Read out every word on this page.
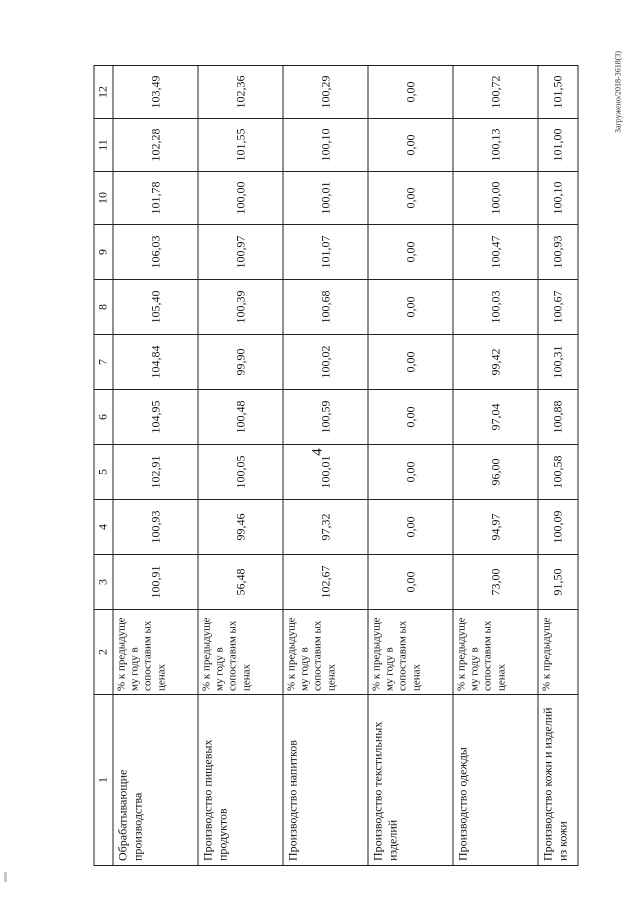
4
Загружено/2018-3618(3)
1	2	3	4	5	6	7	8	9	10	11	12
Обрабатывающие производства	% к предыдуще му году в сопоставим ых ценах	100,91	100,93	102,91	104,95	104,84	105,40	106,03	101,78	102,28	103,49
Производство пищевых продуктов	% к предыдуще му году в сопоставим ых ценах	56,48	99,46	100,05	100,48	99,90	100,39	100,97	100,00	101,55	102,36
Производство напитков	% к предыдуще му году в сопоставим ых ценах	102,67	97,32	100,01	100,59	100,02	100,68	101,07	100,01	100,10	100,29
Производство текстильных изделий	% к предыдуще му году в сопоставим ых ценах	0,00	0,00	0,00	0,00	0,00	0,00	0,00	0,00	0,00	0,00
Производство одежды	% к предыдуще му году в сопоставим ых ценах	73,00	94,97	96,00	97,04	99,42	100,03	100,47	100,00	100,13	100,72
Производство кожи и изделий из кожи	% к предыдуще	91,50	100,09	100,58	100,88	100,31	100,67	100,93	100,10	101,00	101,50
